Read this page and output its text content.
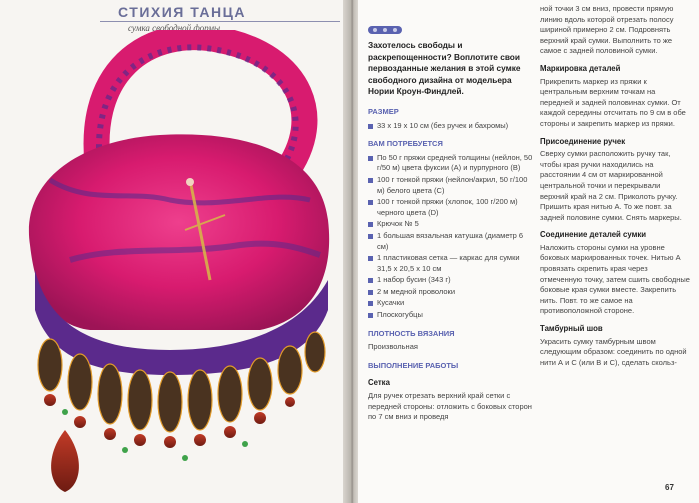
СТИХИЯ ТАНЦА
сумка свободной формы

Захотелось свободы и раскрепощенности? Воплотите свои первозданные желания в этой сумке свободного дизайна от модельера Нории Кроун-Финдлей.

РАЗМЕР
33 х 19 х 10 см (без ручек и бахромы)
ВАМ ПОТРЕБУЕТСЯ
По 50 г пряжи средней толщины (нейлон, 50 г/50 м) цвета фуксии (A) и пурпурного (B)
100 г тонкой пряжи (нейлон/акрил, 50 г/100 м) белого цвета (С)
100 г тонкой пряжи (хлопок, 100 г/200 м) черного цвета (D)
Крючок № 5
1 большая вязальная катушка (диаметр 6 см)
1 пластиковая сетка — каркас для сумки 31,5 х 20,5 х 10 см
1 набор бусин (343 г)
2 м медной проволоки
Кусачки
Плоскогубцы
ПЛОТНОСТЬ ВЯЗАНИЯ

Произвольная

ВЫПОЛНЕНИЕ РАБОТЫ
Сетка

Для ручек отрезать верхний край сетки с передней стороны: отложить с боковых сторон по 7 см вниз и проведя

ной точки 3 см вниз, провести прямую линию вдоль которой отрезать полосу шириной примерно 2 см. Подровнять верхний край сумки. Выполнить то же самое с задней половиной сумки.

Маркировка деталей

Прикрепить маркер из пряжи к центральным верхним точкам на передней и задней половинах сумки. От каждой середины отсчитать по 9 см в обе стороны и закрепить маркер из пряжи.

Присоединение ручек

Сверху сумки расположить ручку так, чтобы края ручки находились на расстоянии 4 см от маркированной центральной точки и перекрывали верхний край на 2 см. Приколоть ручку. Пришить края нитью А. То же повт. за задней половине сумки. Снять маркеры.

Соединение деталей сумки

Наложить стороны сумки на уровне боковых маркированных точек. Нитью А провязать скрепить края через отмеченную точку, затем сшить свободные боковые края сумки вместе. Закрепить нить. Повт. то же самое на противоположной стороне.

Тамбурный шов

Украсить сумку тамбурным швом следующим образом: соединить по одной нити А и С (или B и С), сделать скольз-

67
